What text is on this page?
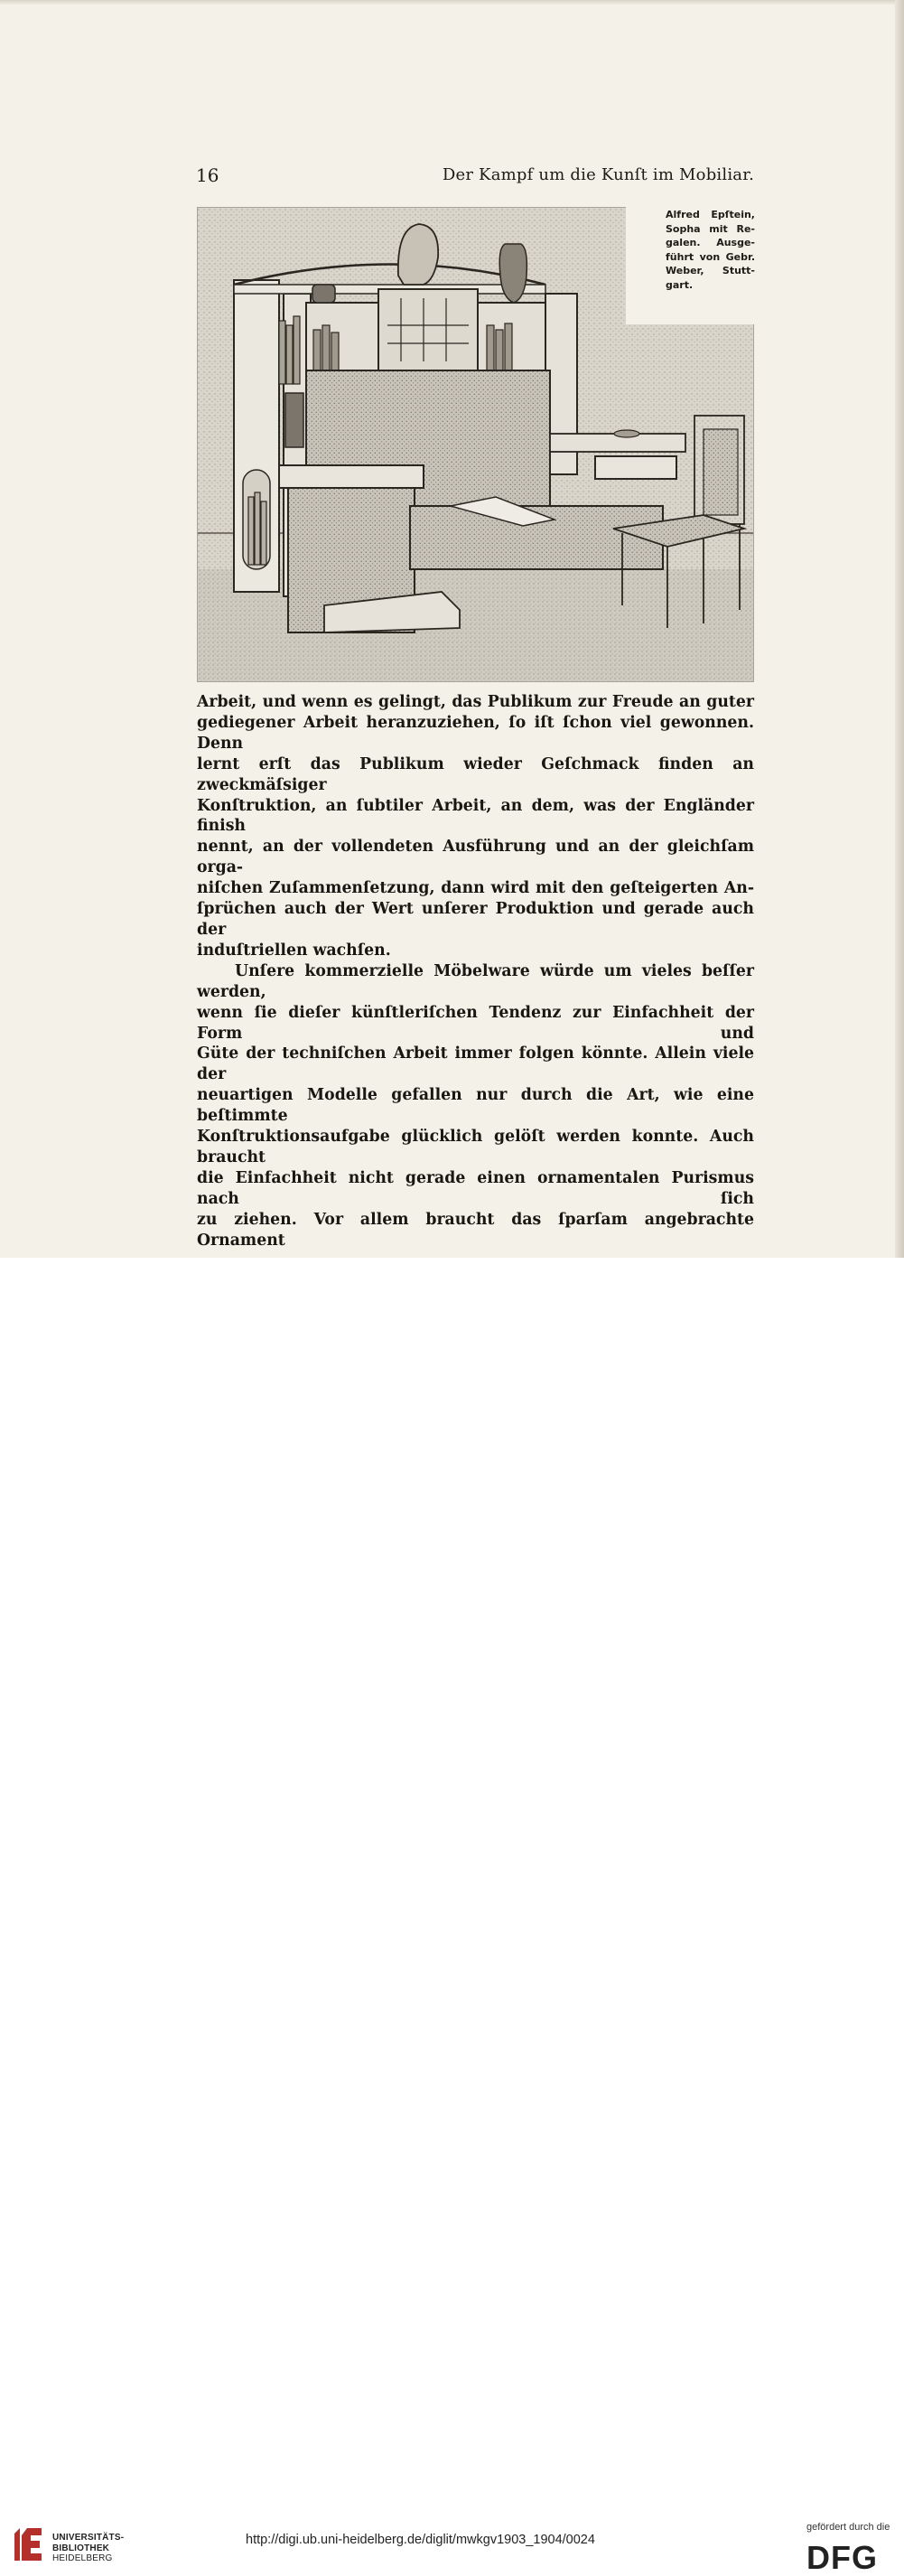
16	Der Kampf um die Kunſt im Mobiliar.
Alfred Epſtein,
Sopha mit Re-
galen. Ausge-
führt von Gebr.
Weber, Stutt-
gart.

Arbeit, und wenn es gelingt, das Publikum zur Freude an guter

gediegener Arbeit heranzuziehen, ſo iſt ſchon viel gewonnen. Denn

lernt erſt das Publikum wieder Geſchmack finden an zweckmäſsiger

Konſtruktion, an ſubtiler Arbeit, an dem, was der Engländer finish

nennt, an der vollendeten Ausführung und an der gleichſam orga-

niſchen Zuſammenſetzung, dann wird mit den geſteigerten An-

ſprüchen auch der Wert unſerer Produktion und gerade auch der

induſtriellen wachſen.

Unſere kommerzielle Möbelware würde um vieles beſſer werden,

wenn ſie dieſer künſtleriſchen Tendenz zur Einfachheit der Form und

Güte der techniſchen Arbeit immer folgen könnte. Allein viele der

neuartigen Modelle gefallen nur durch die Art, wie eine beſtimmte

Konſtruktionsaufgabe glücklich gelöſt werden konnte. Auch braucht

die Einfachheit nicht gerade einen ornamentalen Purismus nach ſich

zu ziehen. Vor allem braucht das ſparſam angebrachte Ornament

UNIVERSITÄTS-
BIBLIOTHEK
HEIDELBERG
http://digi.ub.uni-heidelberg.de/diglit/mwkgv1903_1904/0024
gefördert durch die
DFG
